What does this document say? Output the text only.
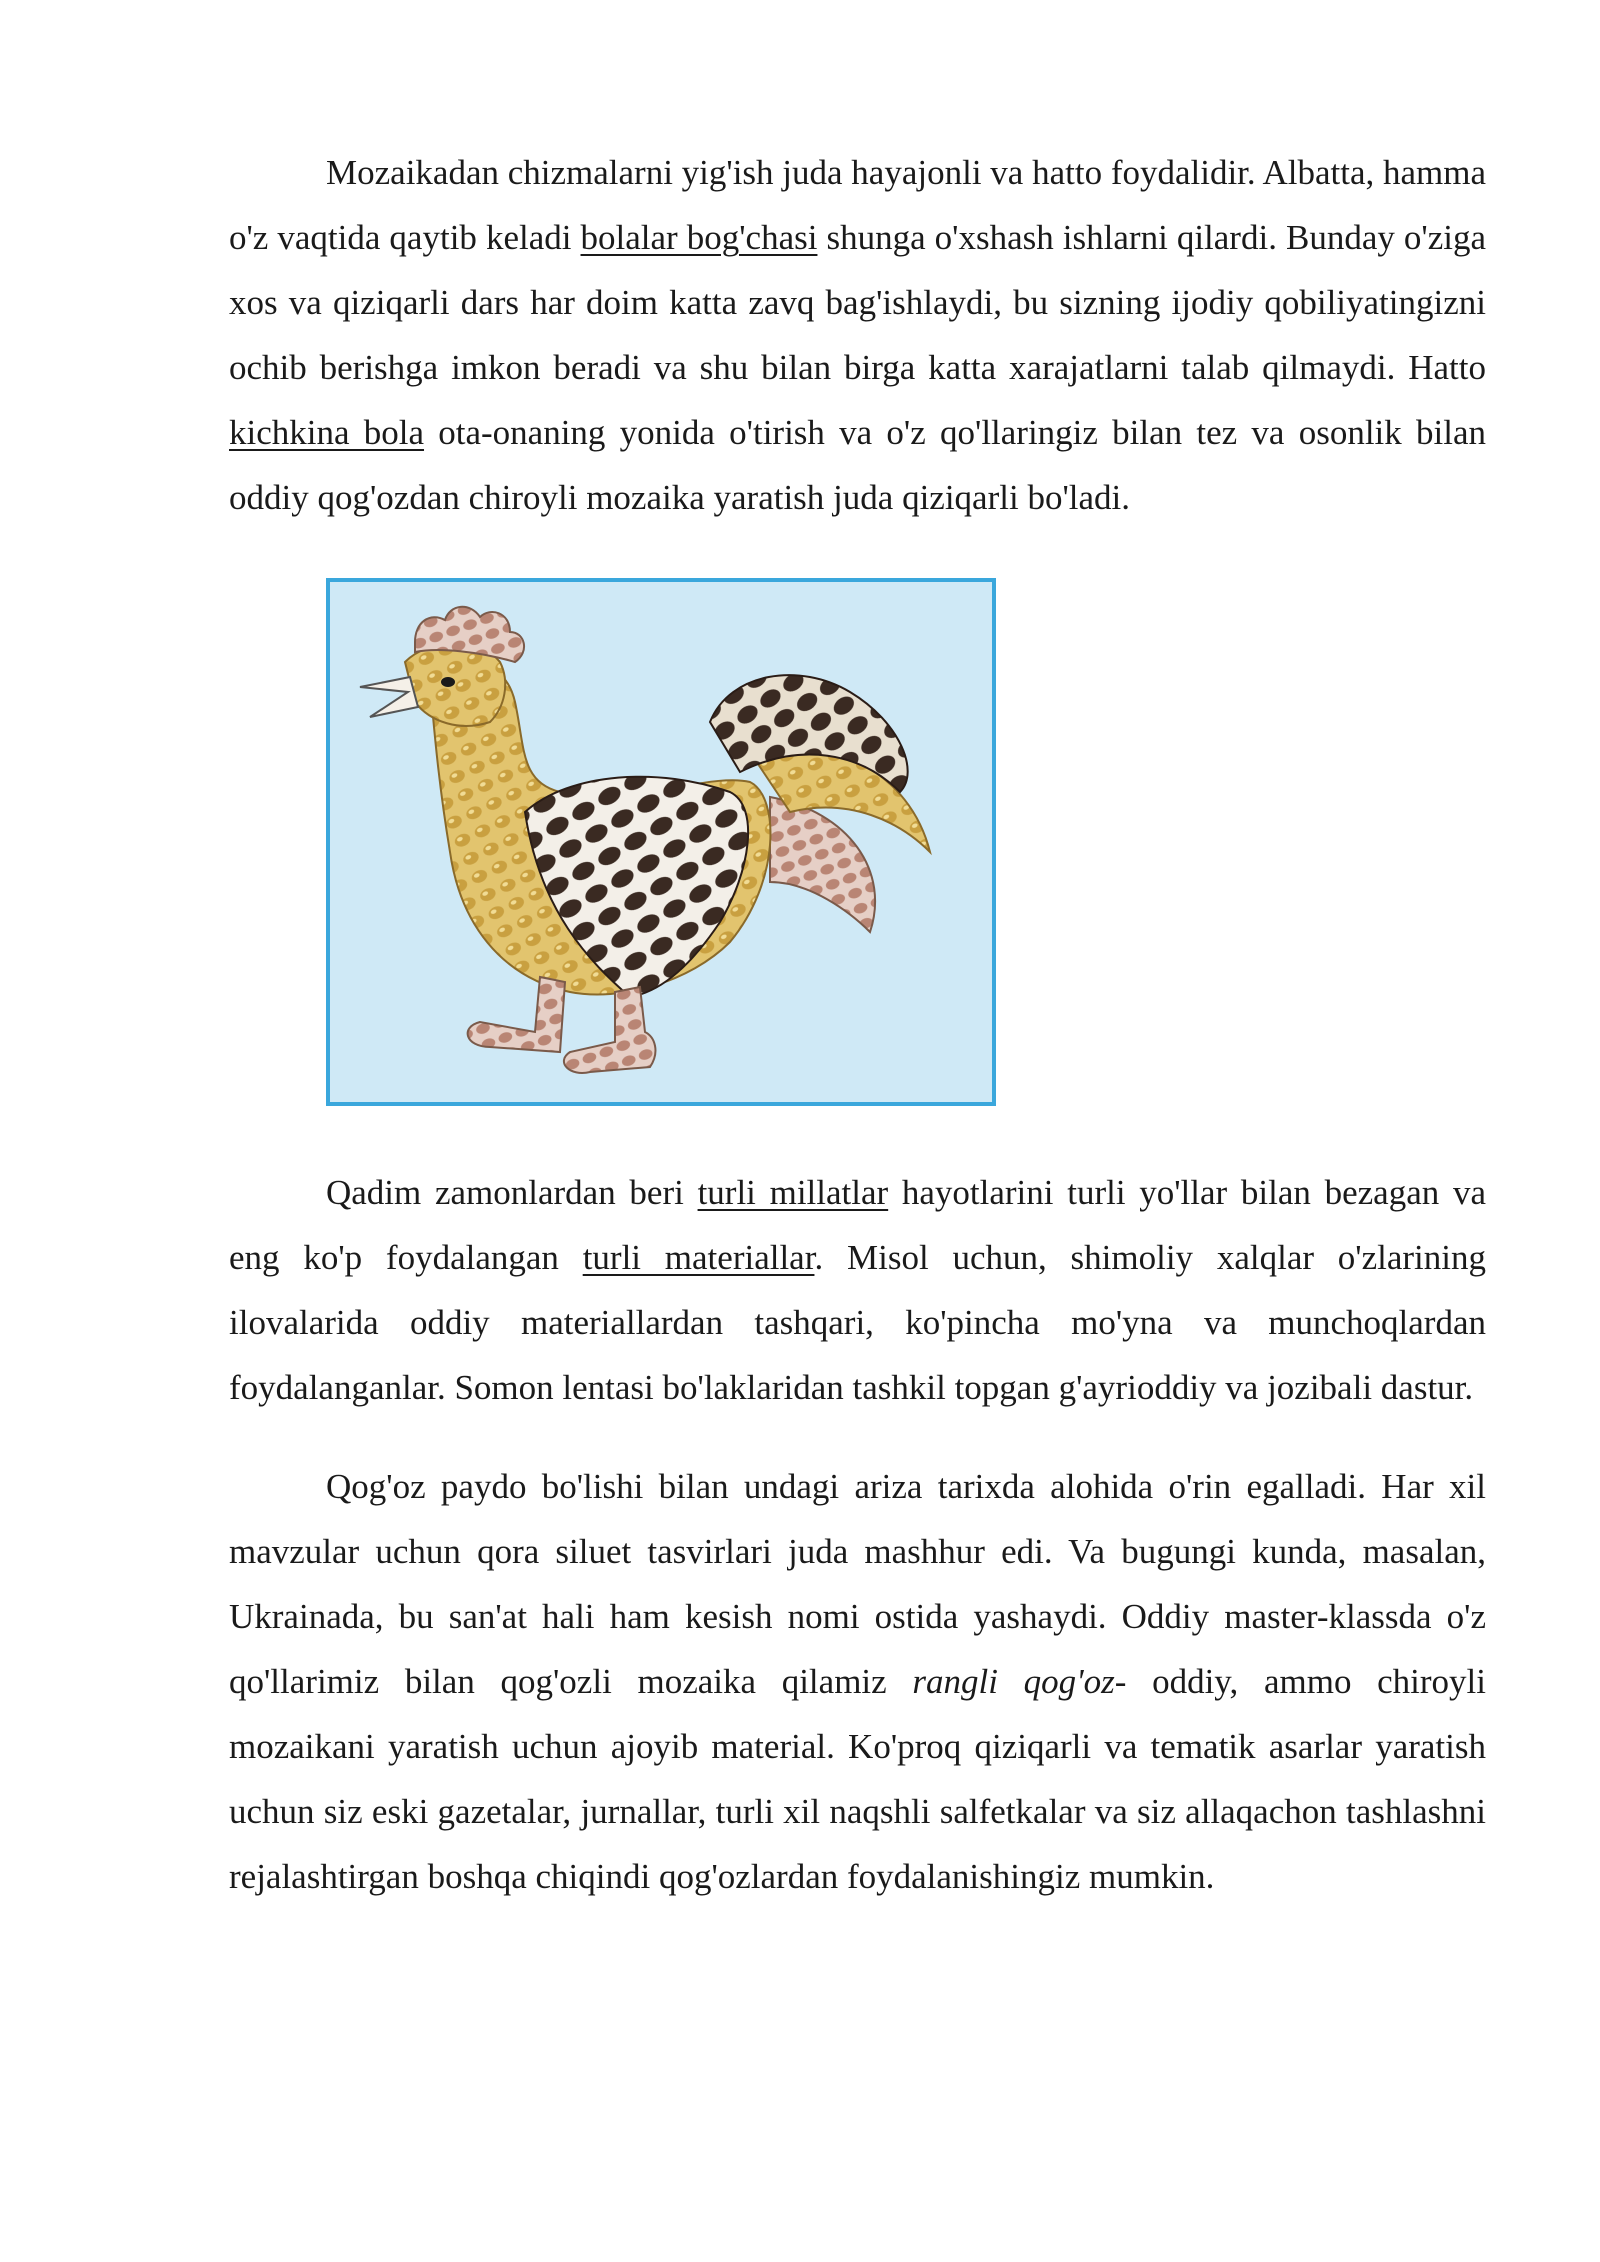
Mozaikadan chizmalarni yig'ish juda hayajonli va hatto foydalidir. Albatta, hamma o'z vaqtida qaytib keladi bolalar bog'chasi shunga o'xshash ishlarni qilardi. Bunday o'ziga xos va qiziqarli dars har doim katta zavq bag'ishlaydi, bu sizning ijodiy qobiliyatingizni ochib berishga imkon beradi va shu bilan birga katta xarajatlarni talab qilmaydi. Hatto kichkina bola ota-onaning yonida o'tirish va o'z qo'llaringiz bilan tez va osonlik bilan oddiy qog'ozdan chiroyli mozaika yaratish juda qiziqarli bo'ladi.

Qadim zamonlardan beri turli millatlar hayotlarini turli yo'llar bilan bezagan va eng ko'p foydalangan turli materiallar. Misol uchun, shimoliy xalqlar o'zlarining ilovalarida oddiy materiallardan tashqari, ko'pincha mo'yna va munchoqlardan foydalanganlar. Somon lentasi bo'laklaridan tashkil topgan g'ayrioddiy va jozibali dastur.

Qog'oz paydo bo'lishi bilan undagi ariza tarixda alohida o'rin egalladi. Har xil mavzular uchun qora siluet tasvirlari juda mashhur edi. Va bugungi kunda, masalan, Ukrainada, bu san'at hali ham kesish nomi ostida yashaydi. Oddiy master-klassda o'z qo'llarimiz bilan qog'ozli mozaika qilamiz rangli qog'oz- oddiy, ammo chiroyli mozaikani yaratish uchun ajoyib material. Ko'proq qiziqarli va tematik asarlar yaratish uchun siz eski gazetalar, jurnallar, turli xil naqshli salfetkalar va siz allaqachon tashlashni rejalashtirgan boshqa chiqindi qog'ozlardan foydalanishingiz mumkin.
